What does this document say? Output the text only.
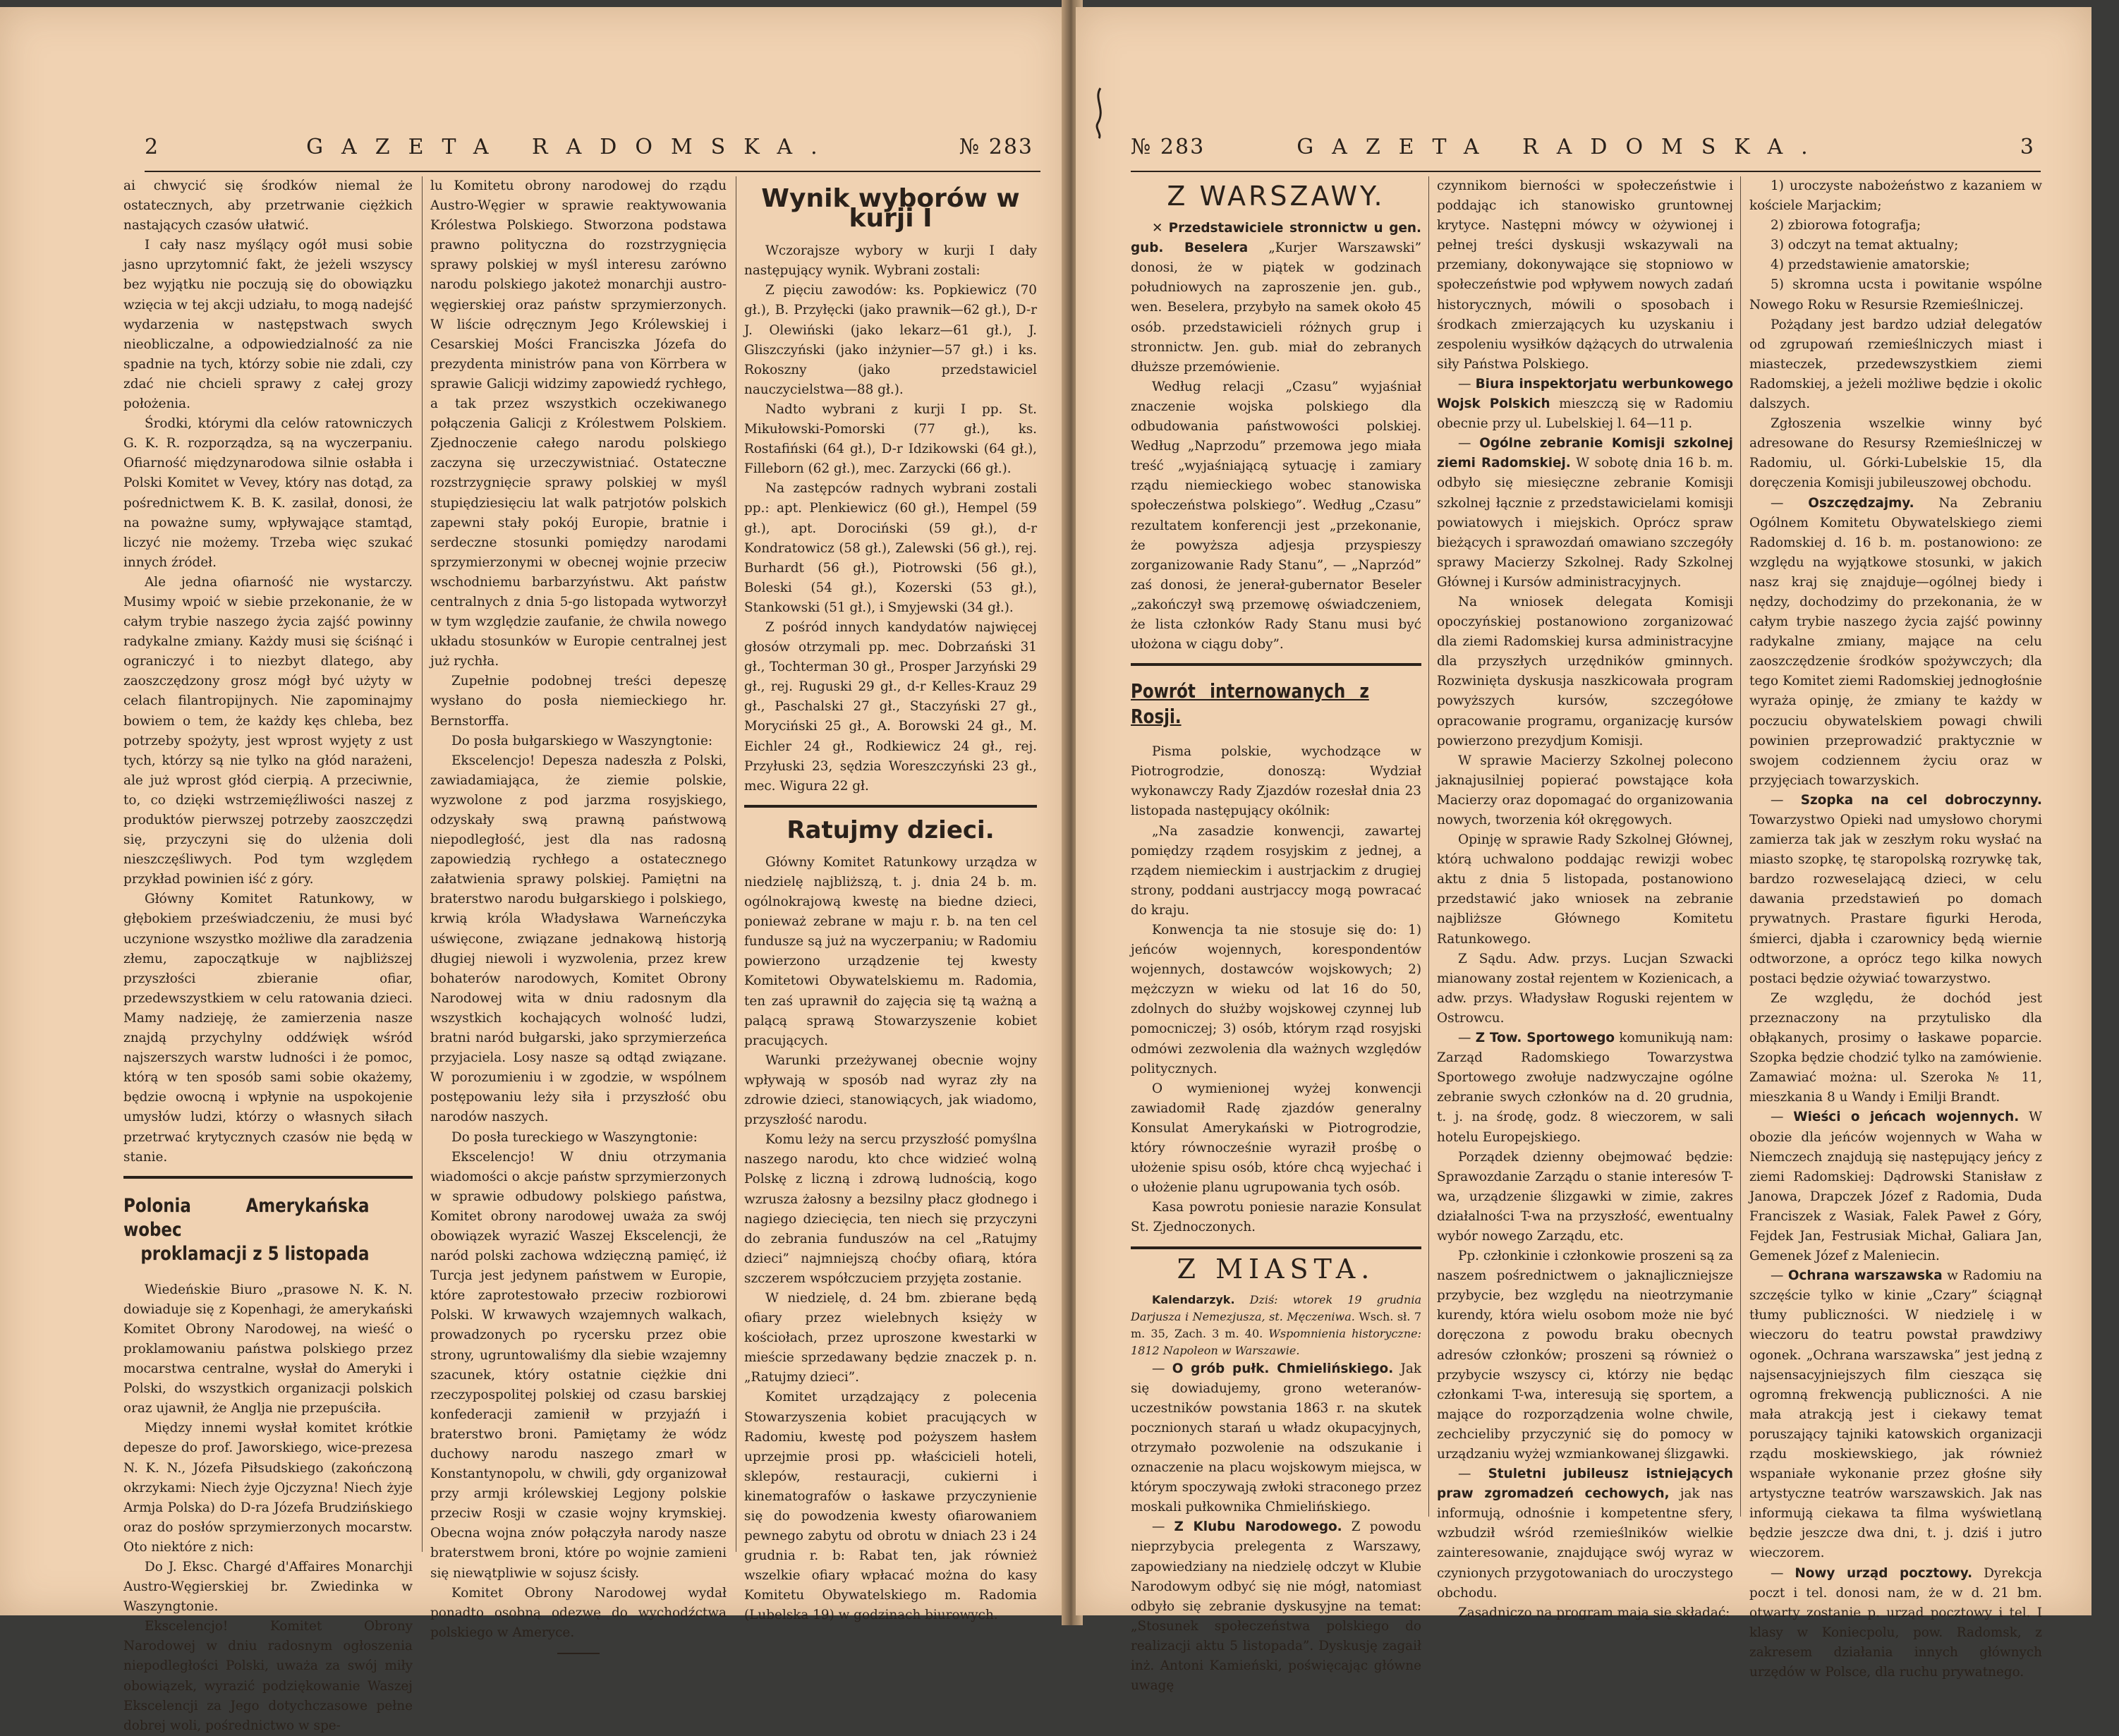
2	GAZETA RADOMSKA.	№ 283

ai chwycić się środków niemal że ostatecznych, aby przetrwanie ciężkich nastających czasów ułatwić.

I cały nasz myślący ogół musi sobie jasno uprzytomnić fakt, że jeżeli wszyscy bez wyjątku nie poczują się do obowiązku wzięcia w tej akcji udziału, to mogą nadejść wydarzenia w następstwach swych nieobliczalne, a odpowiedzialność za nie spadnie na tych, którzy sobie nie zdali, czy zdać nie chcieli sprawy z całej grozy położenia.

Środki, którymi dla celów ratowniczych G. K. R. rozporządza, są na wyczerpaniu. Ofiarność międzynarodowa silnie osłabła i Polski Komitet w Vevey, który nas dotąd, za pośrednictwem K. B. K. zasilał, donosi, że na poważne sumy, wpływające stamtąd, liczyć nie możemy. Trzeba więc szukać innych źródeł.

Ale jedna ofiarność nie wystarczy. Musimy wpoić w siebie przekonanie, że w całym trybie naszego życia zajść powinny radykalne zmiany. Każdy musi się ściśnąć i ograniczyć i to niezbyt dlatego, aby zaoszczędzony grosz mógł być użyty w celach filantropijnych. Nie zapominajmy bowiem o tem, że każdy kęs chleba, bez potrzeby spożyty, jest wprost wyjęty z ust tych, którzy są nie tylko na głód narażeni, ale już wprost głód cierpią. A przeciwnie, to, co dzięki wstrzemięźliwości naszej z produktów pierwszej potrzeby zaoszczędzi się, przyczyni się do ulżenia doli nieszczęśliwych. Pod tym względem przykład powinien iść z góry.

Główny Komitet Ratunkowy, w głębokiem przeświadczeniu, że musi być uczynione wszystko możliwe dla zaradzenia złemu, zapoczątkuje w najbliższej przyszłości zbieranie ofiar, przedewszystkiem w celu ratowania dzieci. Mamy nadzieję, że zamierzenia nasze znajdą przychylny oddźwięk wśród najszerszych warstw ludności i że pomoc, którą w ten sposób sami sobie okażemy, będzie owocną i wpłynie na uspokojenie umysłów ludzi, którzy o własnych siłach przetrwać krytycznych czasów nie będą w stanie.

Polonia Amerykańska wobec
proklamacji z 5 listopada

Wiedeńskie Biuro „prasowe N. K. N. dowiaduje się z Kopenhagi, że amerykański Komitet Obrony Narodowej, na wieść o proklamowaniu państwa polskiego przez mocarstwa centralne, wysłał do Ameryki i Polski, do wszystkich organizacji polskich oraz ujawnił, że Anglja nie przepuściła.

Między innemi wysłał komitet krótkie depesze do prof. Jaworskiego, wice-prezesa N. K. N., Józefa Piłsudskiego (zakończoną okrzykami: Niech żyje Ojczyzna! Niech żyje Armja Polska) do D-ra Józefa Brudzińskiego oraz do posłów sprzymierzonych mocarstw. Oto niektóre z nich:

Do J. Eksc. Chargé d'Affaires Monarchji Austro-Węgierskiej br. Zwiedinka w Waszyngtonie.

Ekscelencjo! Komitet Obrony Narodowej w dniu radosnym ogłoszenia niepodległości Polski, uważa za swój miły obowiązek, wyrazić podziękowanie Waszej Ekscelencji za Jego dotychczasowe pełne dobrej woli, pośrednictwo w spe-

lu Komitetu obrony narodowej do rządu Austro-Węgier w sprawie reaktywowania Królestwa Polskiego. Stworzona podstawa prawno polityczna do rozstrzygnięcia sprawy polskiej w myśl interesu zarówno narodu polskiego jakoteż monarchji austro-węgierskiej oraz państw sprzymierzonych. W liście odręcznym Jego Królewskiej i Cesarskiej Mości Franciszka Józefa do prezydenta ministrów pana von Körrbera w sprawie Galicji widzimy zapowiedź rychłego, a tak przez wszystkich oczekiwanego połączenia Galicji z Królestwem Polskiem. Zjednoczenie całego narodu polskiego zaczyna się urzeczywistniać. Ostateczne rozstrzygnięcie sprawy polskiej w myśl stupiędziesięciu lat walk patrjotów polskich zapewni stały pokój Europie, bratnie i serdeczne stosunki pomiędzy narodami sprzymierzonymi w obecnej wojnie przeciw wschodniemu barbarzyństwu. Akt państw centralnych z dnia 5-go listopada wytworzył w tym względzie zaufanie, że chwila nowego układu stosunków w Europie centralnej jest już rychła.

Zupełnie podobnej treści depeszę wysłano do posła niemieckiego hr. Bernstorffa.

Do posła bułgarskiego w Waszyngtonie:

Ekscelencjo! Depesza nadeszła z Polski, zawiadamiająca, że ziemie polskie, wyzwolone z pod jarzma rosyjskiego, odzyskały swą prawną państwową niepodległość, jest dla nas radosną zapowiedzią rychłego a ostatecznego załatwienia sprawy polskiej. Pamiętni na braterstwo narodu bułgarskiego i polskiego, krwią króla Władysława Warneńczyka uświęcone, związane jednakową historją długiej niewoli i wyzwolenia, przez krew bohaterów narodowych, Komitet Obrony Narodowej wita w dniu radosnym dla wszystkich kochających wolność ludzi, bratni naród bułgarski, jako sprzymierzeńca przyjaciela. Losy nasze są odtąd związane. W porozumieniu i w zgodzie, w wspólnem postępowaniu leży siła i przyszłość obu narodów naszych.

Do posła tureckiego w Waszyngtonie:

Ekscelencjo! W dniu otrzymania wiadomości o akcje państw sprzymierzonych w sprawie odbudowy polskiego państwa, Komitet obrony narodowej uważa za swój obowiązek wyrazić Waszej Ekscelencji, że naród polski zachowa wdzięczną pamięć, iż Turcja jest jedynem państwem w Europie, które zaprotestowało przeciw rozbiorowi Polski. W krwawych wzajemnych walkach, prowadzonych po rycersku przez obie strony, ugruntowaliśmy dla siebie wzajemny szacunek, który ostatnie ciężkie dni rzeczypospolitej polskiej od czasu barskiej konfederacji zamienił w przyjaźń i braterstwo broni. Pamiętamy że wódz duchowy narodu naszego zmarł w Konstantynopolu, w chwili, gdy organizował przy armji królewskiej Legjony polskie przeciw Rosji w czasie wojny krymskiej. Obecna wojna znów połączyła narody nasze braterstwem broni, które po wojnie zamieni się niewątpliwie w sojusz ścisły.

Komitet Obrony Narodowej wydał ponadto osobną odezwę do wychodźctwa polskiego w Ameryce.

Wynik wyborów w kurji I

Wczorajsze wybory w kurji I dały następujący wynik. Wybrani zostali:

Z pięciu zawodów: ks. Popkiewicz (70 gł.), B. Przyłęcki (jako prawnik—62 gł.), D-r J. Olewiński (jako lekarz—61 gł.), J. Gliszczyński (jako inżynier—57 gł.) i ks. Rokoszny (jako przedstawiciel nauczycielstwa—88 gł.).

Nadto wybrani z kurji I pp. St. Mikułowski-Pomorski (77 gł.), ks. Rostafiński (64 gł.), D-r Idzikowski (64 gł.), Filleborn (62 gł.), mec. Zarzycki (66 gł.).

Na zastępców radnych wybrani zostali pp.: apt. Plenkiewicz (60 gł.), Hempel (59 gł.), apt. Dorociński (59 gł.), d-r Kondratowicz (58 gł.), Zalewski (56 gł.), rej. Burhardt (56 gł.), Piotrowski (56 gł.), Boleski (54 gł.), Kozerski (53 gł.), Stankowski (51 gł.), i Smyjewski (34 gł.).

Z pośród innych kandydatów najwięcej głosów otrzymali pp. mec. Dobrzański 31 gł., Tochterman 30 gł., Prosper Jarzyński 29 gł., rej. Ruguski 29 gł., d-r Kelles-Krauz 29 gł., Paschalski 27 gł., Staczyński 27 gł., Moryciński 25 gł., A. Borowski 24 gł., M. Eichler 24 gł., Rodkiewicz 24 gł., rej. Przyłuski 23, sędzia Woreszczyński 23 gł., mec. Wigura 22 gł.

Ratujmy dzieci.

Główny Komitet Ratunkowy urządza w niedzielę najbliższą, t. j. dnia 24 b. m. ogólnokrajową kwestę na biedne dzieci, ponieważ zebrane w maju r. b. na ten cel fundusze są już na wyczerpaniu; w Radomiu powierzono urządzenie tej kwesty Komitetowi Obywatelskiemu m. Radomia, ten zaś uprawnił do zajęcia się tą ważną a palącą sprawą Stowarzyszenie kobiet pracujących.

Warunki przeżywanej obecnie wojny wpływają w sposób nad wyraz zły na zdrowie dzieci, stanowiących, jak wiadomo, przyszłość narodu.

Komu leży na sercu przyszłość pomyślna naszego narodu, kto chce widzieć wolną Polskę z liczną i zdrową ludnością, kogo wzrusza żałosny a bezsilny płacz głodnego i nagiego dziecięcia, ten niech się przyczyni do zebrania funduszów na cel „Ratujmy dzieci” najmniejszą choćby ofiarą, która szczerem współczuciem przyjęta zostanie.

W niedzielę, d. 24 bm. zbierane będą ofiary przez wielebnych księży w kościołach, przez uproszone kwestarki w mieście sprzedawany będzie znaczek p. n. „Ratujmy dzieci”.

Komitet urządzający z polecenia Stowarzyszenia kobiet pracujących w Radomiu, kwestę pod pożyszem hasłem uprzejmie prosi pp. właścicieli hoteli, sklepów, restauracji, cukierni i kinematografów o łaskawe przyczynienie się do powodzenia kwesty ofiarowaniem pewnego zabytu od obrotu w dniach 23 i 24 grudnia r. b: Rabat ten, jak również wszelkie ofiary wpłacać można do kasy Komitetu Obywatelskiego m. Radomia (Lubelska 19) w godzinach biurowych.

№ 283	GAZETA RADOMSKA.	3
Z WARSZAWY.

✕ Przedstawiciele stronnictw u gen. gub. Beselera „Kurjer Warszawski” donosi, że w piątek w godzinach południowych na zaproszenie jen. gub., wen. Beselera, przybyło na samek około 45 osób. przedstawicieli różnych grup i stronnictw. Jen. gub. miał do zebranych dłuższe przemówienie.

Według relacji „Czasu” wyjaśniał znaczenie wojska polskiego dla odbudowania państwowości polskiej. Według „Naprzodu” przemowa jego miała treść „wyjaśniającą sytuację i zamiary rządu niemieckiego wobec stanowiska społeczeństwa polskiego”. Według „Czasu” rezultatem konferencji jest „przekonanie, że powyższa adjesja przyspieszy zorganizowanie Rady Stanu”, — „Naprzód” zaś donosi, że jenerał-gubernator Beseler „zakończył swą przemowę oświadczeniem, że lista członków Rady Stanu musi być ułożona w ciągu doby”.

Powrót internowanych z Rosji.

Pisma polskie, wychodzące w Piotrogrodzie, donoszą: Wydział wykonawczy Rady Zjazdów rozesłał dnia 23 listopada następujący okólnik:

„Na zasadzie konwencji, zawartej pomiędzy rządem rosyjskim z jednej, a rządem niemieckim i austrjackim z drugiej strony, poddani austrjaccy mogą powracać do kraju.

Konwencja ta nie stosuje się do: 1) jeńców wojennych, korespondentów wojennych, dostawców wojskowych; 2) mężczyzn w wieku od lat 16 do 50, zdolnych do służby wojskowej czynnej lub pomocniczej; 3) osób, którym rząd rosyjski odmówi zezwolenia dla ważnych względów politycznych.

O wymienionej wyżej konwencji zawiadomił Radę zjazdów generalny Konsulat Amerykański w Piotrogrodzie, który równocześnie wyraził prośbę o ułożenie spisu osób, które chcą wyjechać i o ułożenie planu ugrupowania tych osób.

Kasa powrotu poniesie narazie Konsulat St. Zjednoczonych.

Z MIASTA.

Kalendarzyk. Dziś: wtorek 19 grudnia Darjusza i Nemezjusza, st. Męczeniwa. Wsch. sł. 7 m. 35, Zach. 3 m. 40. Wspomnienia historyczne: 1812 Napoleon w Warszawie.

— O grób pułk. Chmielińskiego. Jak się dowiadujemy, grono weteranów-uczestników powstania 1863 r. na skutek pocznionych starań u władz okupacyjnych, otrzymało pozwolenie na odszukanie i oznaczenie na placu wojskowym miejsca, w którym spoczywają zwłoki straconego przez moskali pułkownika Chmielińskiego.

— Z Klubu Narodowego. Z powodu nieprzybycia prelegenta z Warszawy, zapowiedziany na niedzielę odczyt w Klubie Narodowym odbyć się nie mógł, natomiast odbyło się zebranie dyskusyjne na temat: „Stosunek społeczeństwa polskiego do realizacji aktu 5 listopada”. Dyskusję zagaił inż. Antoni Kamieński, poświęcając główne uwagę

czynnikom bierności w społeczeństwie i poddając ich stanowisko gruntownej krytyce. Następni mówcy w ożywionej i pełnej treści dyskusji wskazywali na przemiany, dokonywające się stopniowo w społeczeństwie pod wpływem nowych zadań historycznych, mówili o sposobach i środkach zmierzających ku uzyskaniu i zespoleniu wysiłków dążących do utrwalenia siły Państwa Polskiego.

— Biura inspektorjatu werbunkowego Wojsk Polskich mieszczą się w Radomiu obecnie przy ul. Lubelskiej l. 64—11 p.

— Ogólne zebranie Komisji szkolnej ziemi Radomskiej. W sobotę dnia 16 b. m. odbyło się miesięczne zebranie Komisji szkolnej łącznie z przedstawicielami komisji powiatowych i miejskich. Oprócz spraw bieżących i sprawozdań omawiano szczegóły sprawy Macierzy Szkolnej. Rady Szkolnej Głównej i Kursów administracyjnych.

Na wniosek delegata Komisji opoczyńskiej postanowiono zorganizować dla ziemi Radomskiej kursa administracyjne dla przyszłych urzędników gminnych. Rozwinięta dyskusja naszkicowała program powyższych kursów, szczegółowe opracowanie programu, organizację kursów powierzono prezydjum Komisji.

W sprawie Macierzy Szkolnej polecono jaknajusilniej popierać powstające koła Macierzy oraz dopomagać do organizowania nowych, tworzenia kół okręgowych.

Opinję w sprawie Rady Szkolnej Głównej, którą uchwalono poddając rewizji wobec aktu z dnia 5 listopada, postanowiono przedstawić jako wniosek na zebranie najbliższe Głównego Komitetu Ratunkowego.

Z Sądu. Adw. przys. Lucjan Szwacki mianowany został rejentem w Kozienicach, a adw. przys. Władysław Roguski rejentem w Ostrowcu.

— Z Tow. Sportowego komunikują nam: Zarząd Radomskiego Towarzystwa Sportowego zwołuje nadzwyczajne ogólne zebranie swych członków na d. 20 grudnia, t. j. na środę, godz. 8 wieczorem, w sali hotelu Europejskiego.

Porządek dzienny obejmować będzie: Sprawozdanie Zarządu o stanie interesów T-wa, urządzenie ślizgawki w zimie, zakres działalności T-wa na przyszłość, ewentualny wybór nowego Zarządu, etc.

Pp. członkinie i członkowie proszeni są za naszem pośrednictwem o jaknajliczniejsze przybycie, bez względu na nieotrzymanie kurendy, która wielu osobom może nie być doręczona z powodu braku obecnych adresów członków; proszeni są również o przybycie wszyscy ci, którzy nie będąc członkami T-wa, interesują się sportem, a mające do rozporządzenia wolne chwile, zechcieliby przyczynić się do pomocy w urządzaniu wyżej wzmiankowanej ślizgawki.

— Stuletni jubileusz istniejących praw zgromadzeń cechowych, jak nas informują, odnośnie i kompetentne sfery, wzbudził wśród rzemieślników wielkie zainteresowanie, znajdujące swój wyraz w czynionych przygotowaniach do uroczystego obchodu.

Zasadniczo na program mają się składać:

1) uroczyste nabożeństwo z kazaniem w kościele Marjackim;

2) zbiorowa fotografja;

3) odczyt na temat aktualny;

4) przedstawienie amatorskie;

5) skromna ucsta i powitanie wspólne Nowego Roku w Resursie Rzemieślniczej.

Pożądany jest bardzo udział delegatów od zgrupowań rzemieślniczych miast i miasteczek, przedewszystkiem ziemi Radomskiej, a jeżeli możliwe będzie i okolic dalszych.

Zgłoszenia wszelkie winny być adresowane do Resursy Rzemieślniczej w Radomiu, ul. Górki-Lubelskie 15, dla doręczenia Komisji jubileuszowej obchodu.

— Oszczędzajmy. Na Zebraniu Ogólnem Komitetu Obywatelskiego ziemi Radomskiej d. 16 b. m. postanowiono: ze względu na wyjątkowe stosunki, w jakich nasz kraj się znajduje—ogólnej biedy i nędzy, dochodzimy do przekonania, że w całym trybie naszego życia zajść powinny radykalne zmiany, mające na celu zaoszczędzenie środków spożywczych; dla tego Komitet ziemi Radomskiej jednogłośnie wyraża opinję, że zmiany te każdy w poczuciu obywatelskiem powagi chwili powinien przeprowadzić praktycznie w swojem codziennem życiu oraz w przyjęciach towarzyskich.

— Szopka na cel dobroczynny. Towarzystwo Opieki nad umysłowo chorymi zamierza tak jak w zeszłym roku wysłać na miasto szopkę, tę staropolską rozrywkę tak, bardzo rozweselającą dzieci, w celu dawania przedstawień po domach prywatnych. Prastare figurki Heroda, śmierci, djabła i czarownicy będą wiernie odtworzone, a oprócz tego kilka nowych postaci będzie ożywiać towarzystwo.

Ze względu, że dochód jest przeznaczony na przytulisko dla obłąkanych, prosimy o łaskawe poparcie. Szopka będzie chodzić tylko na zamówienie. Zamawiać można: ul. Szeroka № 11, mieszkania 8 u Wandy i Emilji Brandt.

— Wieści o jeńcach wojennych. W obozie dla jeńców wojennych w Waha w Niemczech znajdują się następujący jeńcy z ziemi Radomskiej: Dądrowski Stanisław z Janowa, Drapczek Józef z Radomia, Duda Franciszek z Wasiak, Falek Paweł z Góry, Fejdek Jan, Festrusiak Michał, Galiara Jan, Gemenek Józef z Maleniecin.

— Ochrana warszawska w Radomiu na szczęście tylko w kinie „Czary” ściągnął tłumy publiczności. W niedzielę i w wieczoru do teatru powstał prawdziwy ogonek. „Ochrana warszawska” jest jedną z najsensacyjniejszych film ciesząca się ogromną frekwencją publiczności. A nie mała atrakcją jest i ciekawy temat poruszający tajniki katowskich organizacji rządu moskiewskiego, jak również wspaniałe wykonanie przez głośne siły artystyczne teatrów warszawskich. Jak nas informują ciekawa ta filma wyświetlaną będzie jeszcze dwa dni, t. j. dziś i jutro wieczorem.

— Nowy urząd pocztowy. Dyrekcja poczt i tel. donosi nam, że w d. 21 bm. otwarty zostanie p. urząd pocztowy i tel. I klasy w Koniecpolu, pow. Radomsk, z zakresem działania innych głównych urzędów w Polsce, dla ruchu prywatnego.
